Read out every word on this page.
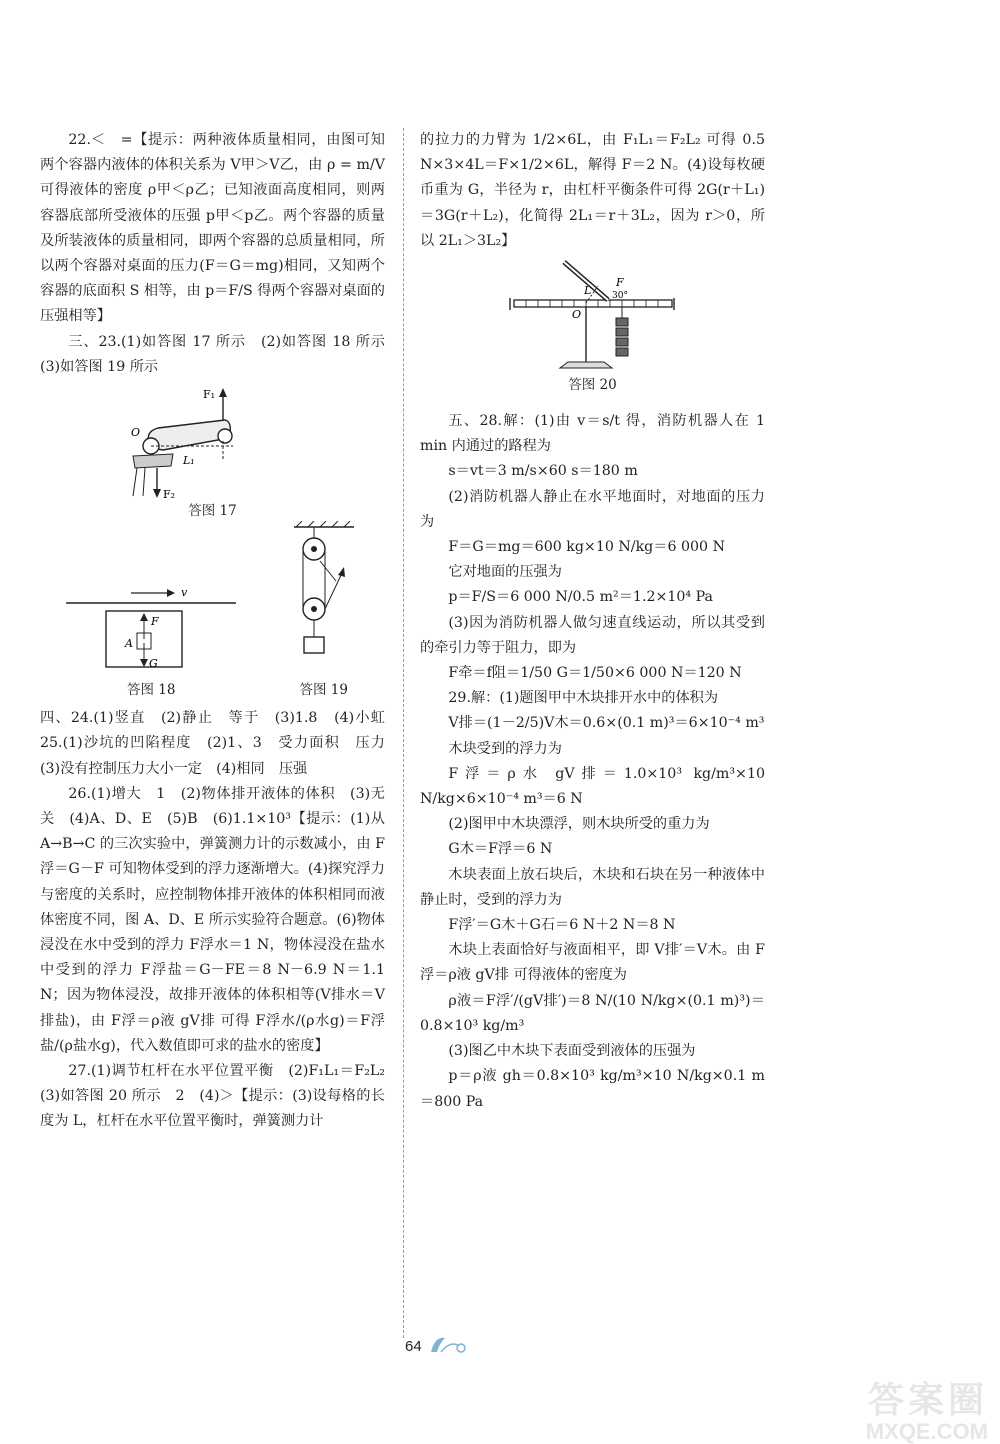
22.＜　=【提示：两种液体质量相同，由图可知两个容器内液体的体积关系为 V甲＞V乙，由 ρ = m/V 可得液体的密度 ρ甲＜ρ乙；已知液面高度相同，则两容器底部所受液体的压强 p甲＜p乙。两个容器的质量及所装液体的质量相同，即两个容器的总质量相同，所以两个容器对桌面的压力(F＝G＝mg)相同，又知两个容器的底面积 S 相等，由 p＝F/S 得两个容器对桌面的压强相等】

三、23.(1)如答图 17 所示　(2)如答图 18 所示　(3)如答图 19 所示

F₁
O
L₁
F₂
答图 17
v
F
A
G
答图 18	答图 19

四、24.(1)竖直　(2)静止　等于　(3)1.8　(4)小虹　25.(1)沙坑的凹陷程度　(2)1、3　受力面积　压力　(3)没有控制压力大小一定　(4)相同　压强

26.(1)增大　1　(2)物体排开液体的体积　(3)无关　(4)A、D、E　(5)B　(6)1.1×10³【提示：(1)从 A→B→C 的三次实验中，弹簧测力计的示数减小，由 F浮＝G－F 可知物体受到的浮力逐渐增大。(4)探究浮力与密度的关系时，应控制物体排开液体的体积相同而液体密度不同，图 A、D、E 所示实验符合题意。(6)物体浸没在水中受到的浮力 F浮水＝1 N，物体浸没在盐水中受到的浮力 F浮盐＝G－FE＝8 N－6.9 N＝1.1 N；因为物体浸没，故排开液体的体积相等(V排水＝V排盐)，由 F浮＝ρ液 gV排 可得 F浮水/(ρ水g)＝F浮盐/(ρ盐水g)，代入数值即可求的盐水的密度】

27.(1)调节杠杆在水平位置平衡　(2)F₁L₁＝F₂L₂　(3)如答图 20 所示　2　(4)＞【提示：(3)设每格的长度为 L，杠杆在水平位置平衡时，弹簧测力计

的拉力的力臂为 1/2×6L，由 F₁L₁＝F₂L₂ 可得 0.5 N×3×4L＝F×1/2×6L，解得 F＝2 N。(4)设每枚硬币重为 G，半径为 r，由杠杆平衡条件可得 2G(r＋L₁)＝3G(r＋L₂)，化简得 2L₁＝r＋3L₂，因为 r＞0，所以 2L₁＞3L₂】

F
L 30°
O
答图 20

五、28.解：(1)由 v＝s/t 得，消防机器人在 1 min 内通过的路程为

s＝vt＝3 m/s×60 s＝180 m

(2)消防机器人静止在水平地面时，对地面的压力为

F＝G＝mg＝600 kg×10 N/kg＝6 000 N

它对地面的压强为

p＝F/S＝6 000 N/0.5 m²＝1.2×10⁴ Pa

(3)因为消防机器人做匀速直线运动，所以其受到的牵引力等于阻力，即为

F牵＝f阻＝1/50 G＝1/50×6 000 N＝120 N

29.解：(1)题图甲中木块排开水中的体积为

V排＝(1－2/5)V木＝0.6×(0.1 m)³＝6×10⁻⁴ m³

木块受到的浮力为

F浮＝ρ水 gV排＝1.0×10³ kg/m³×10 N/kg×6×10⁻⁴ m³＝6 N

(2)图甲中木块漂浮，则木块所受的重力为

G木＝F浮＝6 N

木块表面上放石块后，木块和石块在另一种液体中静止时，受到的浮力为

F浮′＝G木＋G石＝6 N＋2 N＝8 N

木块上表面恰好与液面相平，即 V排′＝V木。由 F浮＝ρ液 gV排 可得液体的密度为

ρ液＝F浮′/(gV排′)＝8 N/(10 N/kg×(0.1 m)³)＝0.8×10³ kg/m³

(3)图乙中木块下表面受到液体的压强为

p＝ρ液 gh＝0.8×10³ kg/m³×10 N/kg×0.1 m＝800 Pa

64
答案圈
MXQE.COM
